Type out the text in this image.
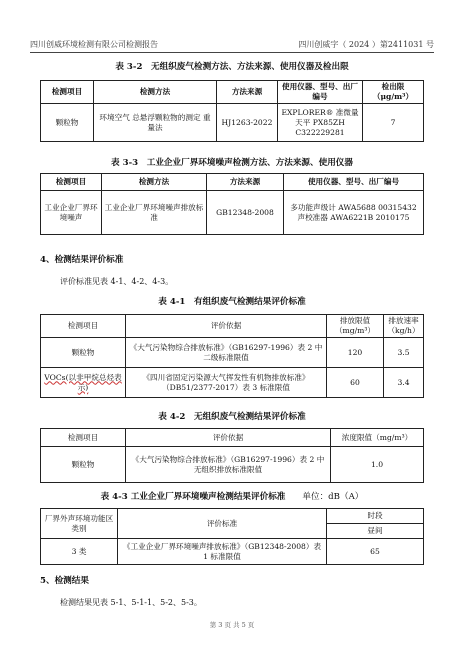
四川创威环境检测有限公司检测报告	四川创威字（ 2024 ）第2411031 号
表 3-2　无组织废气检测方法、方法来源、使用仪器及检出限
检测项目	检测方法	方法来源	使用仪器、型号、出厂编号	检出限（μg/m³）
颗粒物	环境空气 总悬浮颗粒物的测定 重量法	HJ1263-2022	EXPLORER® 准微量天平 PX85ZH C322229281	7
表 3-3　工业企业厂界环境噪声检测方法、方法来源、使用仪器
检测项目	检测方法	方法来源	使用仪器、型号、出厂编号
工业企业厂界环境噪声	工业企业厂界环境噪声排放标准	GB12348-2008	多功能声级计 AWA5688 00315432 声校准器 AWA6221B 2010175
4、检测结果评价标准
评价标准见表 4-1、4-2、4-3。
表 4-1　有组织废气检测结果评价标准
检测项目	评价依据	排放限值（mg/m³）	排放速率（kg/h）
颗粒物	《大气污染物综合排放标准》（GB16297-1996）表 2 中二级标准限值	120	3.5
VOCs(以非甲烷总烃表示)	《四川省固定污染源大气挥发性有机物排放标准》（DB51/2377-2017）表 3 标准限值	60	3.4
表 4-2　无组织废气检测结果评价标准
检测项目	评价依据	浓度限值（mg/m³）
颗粒物	《大气污染物综合排放标准》（GB16297-1996）表 2 中无组织排放标准限值	1.0
表 4-3 工业企业厂界环境噪声检测结果评价标准 单位：dB（A）
厂界外声环境功能区类别	评价标准	时段
		昼间
3 类	《工业企业厂界环境噪声排放标准》（GB12348-2008）表 1 标准限值	65
5、检测结果
检测结果见表 5-1、5-1-1、5-2、5-3。
第 3 页 共 5 页
